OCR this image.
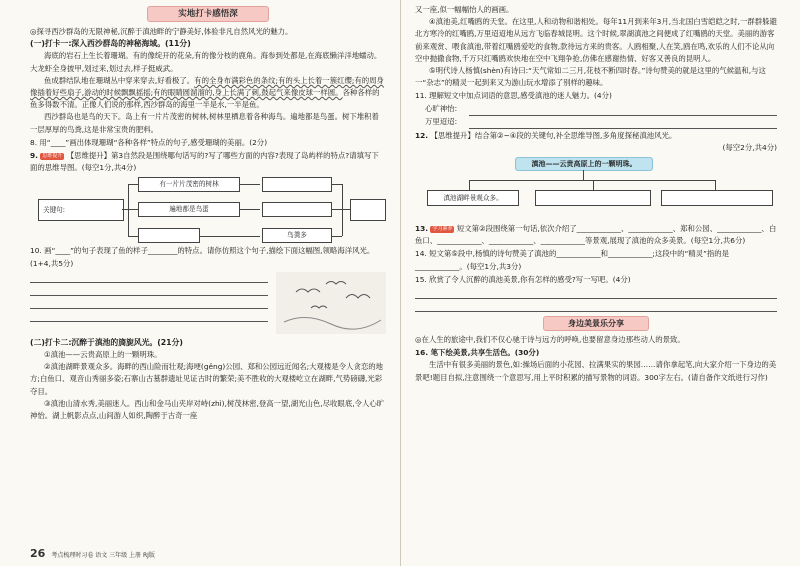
实地打卡感悟深
◎探寻西沙群岛的无限神秘,沉醉于滇池畔的宁静美好,体验非凡自然风光的魅力。
(一)打卡一:深入西沙群岛的神秘海域。(11分)
海底的岩石上生长着珊瑚。有的像绽开的花朵,有的像分枝的鹿角。海参到处都是,在海底懒洋洋地蠕动。大龙虾全身披甲,划过来,划过去,样子挺威武。
鱼成群结队地在珊瑚丛中穿来穿去,好看极了。有的全身布满彩色的条纹;有的头上长着一簇红缨;有的周身像插着好些扇子,游动的时候飘飘摇摇;有的眼睛圆溜溜的,身上长满了刺,鼓起气来像皮球一样圆。各种各样的鱼多得数不清。正像人们说的那样,西沙群岛的海里一半是水,一半是鱼。
西沙群岛也是鸟的天下。岛上有一片片茂密的树林,树林里栖息着各种海鸟。遍地都是鸟蛋。树下堆积着一层厚厚的鸟粪,这是非常宝贵的肥料。
8. 用“____”画出体现珊瑚“各种各样”特点的句子,感受珊瑚的美丽。(2分)
9. 思维提升 【思维提升】第3自然段是围绕哪句话写的?写了哪些方面的内容?表现了岛屿样的特点?请填写下面的思维导图。(每空1分,共4分)
关键句:
有一片片茂密的树林
遍地都是鸟蛋
鸟粪多
10. 画“____”的句子表现了鱼的样子________的特点。请你仿照这个句子,描绘下面这幅图,领略海洋风光。(1+4,共5分)
(二)打卡二:沉醉于滇池的旖旎风光。(21分)
①滇池——云贵高原上的一颗明珠。
②滇池湖畔景观众多。海畔的西山险而壮观;海埂(gěng)公园、郑和公园远近闻名;大观楼是令人贪恋的地方;白鱼口、观音山秀丽多姿;石寨山古墓群遗址见证古时的繁荣;美不胜收的大观楼屹立在湖畔,气势磅礴,光彩夺目。
③滇池山清水秀,美丽迷人。西山和金马山夹岸对峙(zhì),树茂林密,登高一望,湖光山色,尽收眼底,令人心旷神怡。湖上帆影点点,山间游人如织,陶醉于古奇一座
26 考点梳理时习卷 语文 三年级 上册 RJ版
又一座,似一幅幅怡人的画画。
④滇池美,红嘴鸥的天堂。在这里,人和动物和谐相处。每年11月到来年3月,当北国白雪皑皑之时,一群群躲避北方寒冷的红嘴鸥,万里迢迢地从远方飞临春城昆明。这个时候,翠湖滇池之间便成了红嘴鸥的天堂。美丽的游客前来观赏、喂食滇池,带着红嘴鸥爱吃的食物,款待远方来的贵客。人鸥相聚,人在笑,鸥在鸣,欢乐的人们不论从向空中抛撒食物,千万只红嘴鸥欢快地在空中飞翔争抢,仿佛在感谢热情、好客又善良的昆明人。
⑤明代诗人杨慎(shèn)有诗曰:“天气常如二三月,花枝不断四时春。”诗句赞美的就是这里的气候温和,与这一“杂志”的精灵一起到来又为游山玩水增添了别样的趣味。
11. 理解短文中加点词语的意思,感受滇池的迷人魅力。(4分)
心旷神怡:
万里迢迢:
12. 【思维提升】结合第②~④段的关键句,补全思维导图,多角度探秘滇池风光。
(每空2分,共4分)
滇池——云贵高原上的一颗明珠。
滇池湖畔景观众多。
13. 学习素养 短文第②段围绕第一句话,依次介绍了____________、____________、郑和公园、____________、白鱼口、____________、____________、____________等景观,展现了滇池的众多美景。(每空1分,共6分)
14. 短文第⑤段中,杨慎的诗句赞美了滇池的____________和____________;这段中的“精灵”指的是____________。(每空1分,共3分)
15. 欣赏了令人沉醉的滇池美景,你有怎样的感受?写一写吧。(4分)
身边美景乐分享
◎在人生的旅途中,我们不仅心驰于诗与远方的呼唤,也要留意身边那些动人的景致。
16. 笔下绘美景,共享生活色。(30分)
生活中有很多美丽的景色,如:操场后面的小花园、拉满果实的果园……请你拿起笔,向大家介绍一下身边的美景吧!题目自拟,注意围绕一个意思写,用上平时积累的描写景物的词语。300字左右。(请自备作文纸进行习作)
